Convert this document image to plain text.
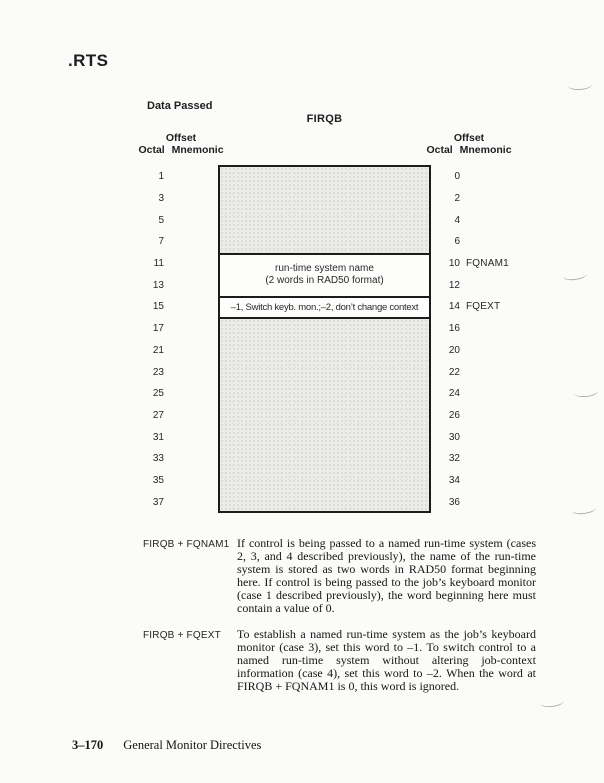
.RTS
Data Passed
FIRQB
Offset
Octal Mnemonic
Offset
Octal Mnemonic
1
3
5
7
11
13
15
17
21
23
25
27
31
33
35
37
run-time system name
(2 words in RAD50 format)
–1, Switch keyb. mon.;–2, don’t change context
0
2
4
6
10 FQNAM1
12
14 FQEXT
16
20
22
24
26
30
32
34
36
FIRQB + FQNAM1 If control is being passed to a named run-time system (cases 2, 3, and 4 described previously), the name of the run-time system is stored as two words in RAD50 format beginning here. If control is being passed to the job’s keyboard monitor (case 1 described previously), the word beginning here must contain a value of 0.
FIRQB + FQEXT To establish a named run-time system as the job’s keyboard monitor (case 3), set this word to –1. To switch control to a named run-time system without altering job-context information (case 4), set this word to –2. When the word at FIRQB + FQNAM1 is 0, this word is ignored.
3–170 General Monitor Directives
